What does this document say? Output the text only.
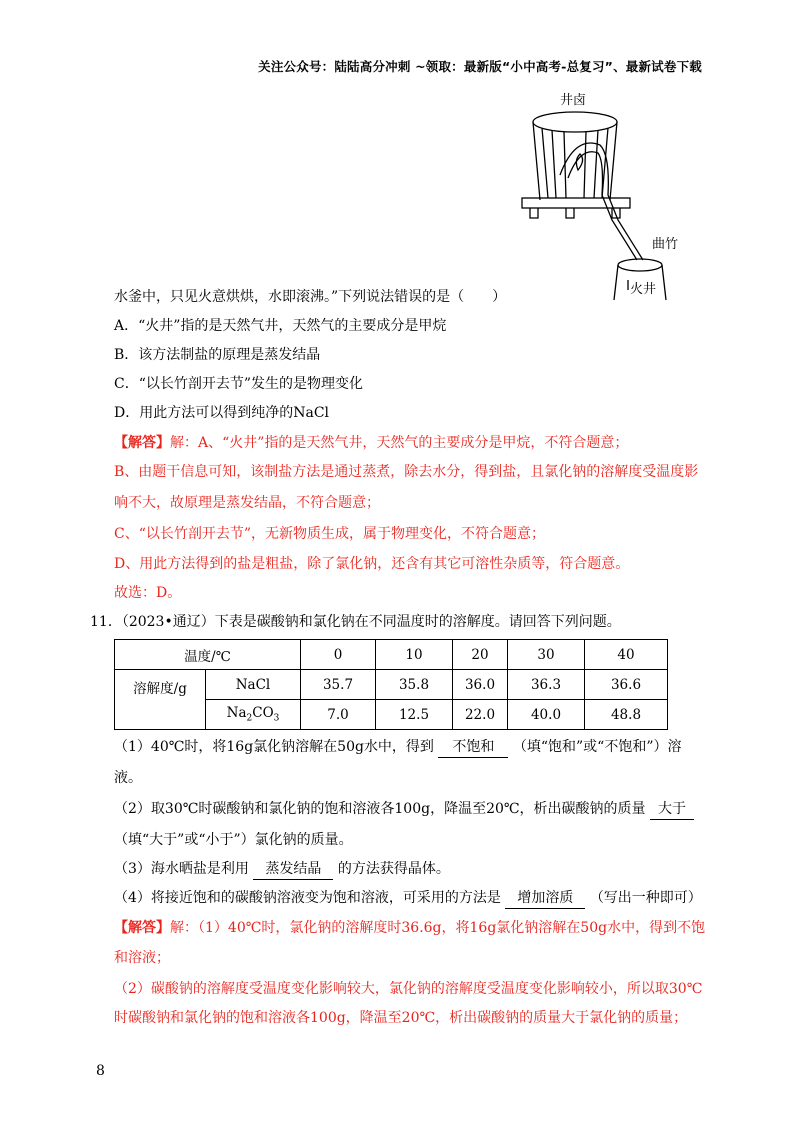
关注公众号：陆陆高分冲刺 ~领取：最新版“小中高考-总复习”、最新试卷下载
井卤
曲竹
火井
水釜中，只见火意烘烘，水即滚沸。”下列说法错误的是（　　）
A．“火井”指的是天然气井，天然气的主要成分是甲烷
B．该方法制盐的原理是蒸发结晶
C．“以长竹剖开去节”发生的是物理变化
D．用此方法可以得到纯净的NaCl
【解答】解：A、“火井”指的是天然气井，天然气的主要成分是甲烷，不符合题意；
B、由题干信息可知，该制盐方法是通过蒸煮，除去水分，得到盐，且氯化钠的溶解度受温度影
响不大，故原理是蒸发结晶，不符合题意；
C、“以长竹剖开去节”，无新物质生成，属于物理变化，不符合题意；
D、用此方法得到的盐是粗盐，除了氯化钠，还含有其它可溶性杂质等，符合题意。
故选：D。
11．（2023•通辽）下表是碳酸钠和氯化钠在不同温度时的溶解度。请回答下列问题。
温度/℃		0	10	20	30	40
溶解度/g	NaCl	35.7	35.8	36.0	36.3	36.6
	$Na_2CO_3$	7.0	12.5	22.0	40.0	48.8
（1）40℃时，将16g氯化钠溶解在50g水中，得到 不饱和 （填“饱和”或“不饱和”）溶
液。
（2）取30℃时碳酸钠和氯化钠的饱和溶液各100g，降温至20℃，析出碳酸钠的质量 大于
（填“大于”或“小于”）氯化钠的质量。
（3）海水晒盐是利用 蒸发结晶 的方法获得晶体。
（4）将接近饱和的碳酸钠溶液变为饱和溶液，可采用的方法是 增加溶质 （写出一种即可）
【解答】解：（1）40℃时，氯化钠的溶解度时36.6g，将16g氯化钠溶解在50g水中，得到不饱
和溶液；
（2）碳酸钠的溶解度受温度变化影响较大，氯化钠的溶解度受温度变化影响较小，所以取30℃
时碳酸钠和氯化钠的饱和溶液各100g，降温至20℃，析出碳酸钠的质量大于氯化钠的质量；
8
